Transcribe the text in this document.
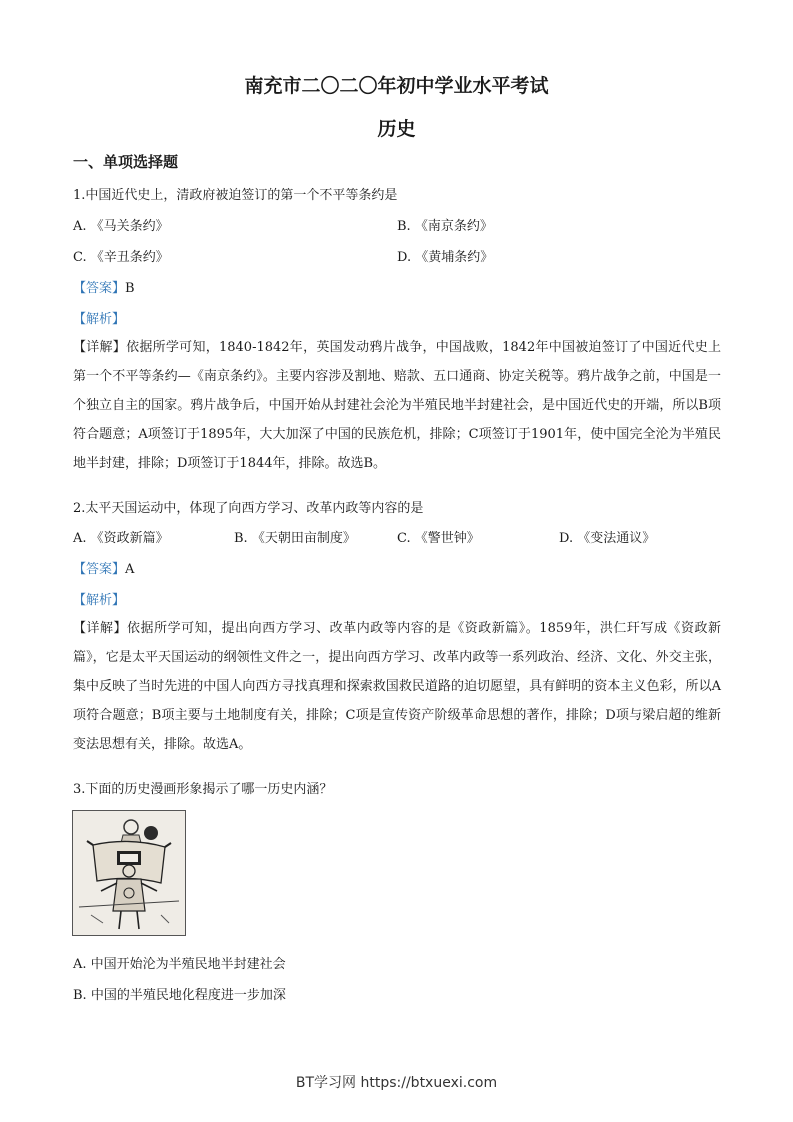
南充市二〇二〇年初中学业水平考试
历史
一、单项选择题
1.中国近代史上，清政府被迫签订的第一个不平等条约是
A. 《马关条约》	B. 《南京条约》
C. 《辛丑条约》	D. 《黄埔条约》
【答案】B
【解析】

【详解】依据所学可知，1840-1842年，英国发动鸦片战争，中国战败，1842年中国被迫签订了中国近代史上第一个不平等条约—《南京条约》。主要内容涉及割地、赔款、五口通商、协定关税等。鸦片战争之前，中国是一个独立自主的国家。鸦片战争后，中国开始从封建社会沦为半殖民地半封建社会，是中国近代史的开端，所以B项符合题意；A项签订于1895年，大大加深了中国的民族危机，排除；C项签订于1901年，使中国完全沦为半殖民地半封建，排除；D项签订于1844年，排除。故选B。

2.太平天国运动中，体现了向西方学习、改革内政等内容的是
A. 《资政新篇》	B. 《天朝田亩制度》	C. 《警世钟》	D. 《变法通议》
【答案】A
【解析】

【详解】依据所学可知，提出向西方学习、改革内政等内容的是《资政新篇》。1859年，洪仁玕写成《资政新篇》，它是太平天国运动的纲领性文件之一，提出向西方学习、改革内政等一系列政治、经济、文化、外交主张，集中反映了当时先进的中国人向西方寻找真理和探索救国救民道路的迫切愿望，具有鲜明的资本主义色彩，所以A项符合题意；B项主要与土地制度有关，排除；C项是宣传资产阶级革命思想的著作，排除；D项与梁启超的维新变法思想有关，排除。故选A。

3.下面的历史漫画形象揭示了哪一历史内涵？
A. 中国开始沦为半殖民地半封建社会
B. 中国的半殖民地化程度进一步加深
BT学习网 https://btxuexi.com
